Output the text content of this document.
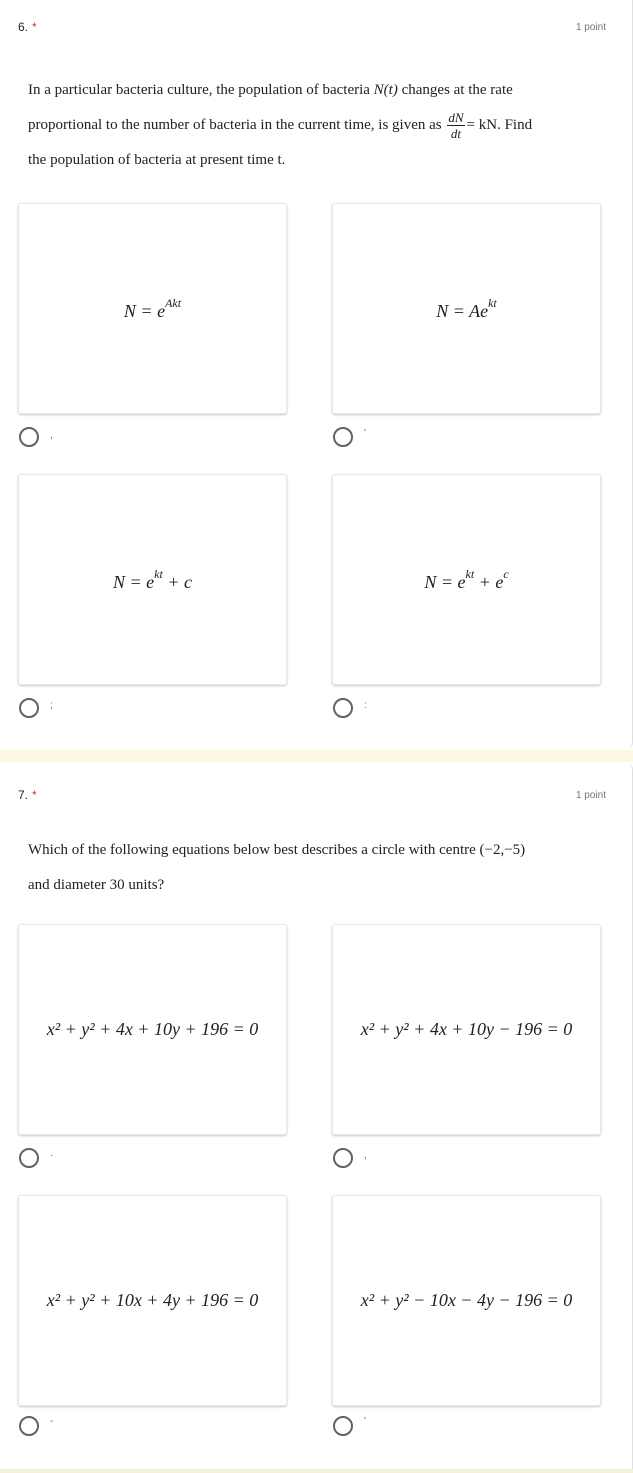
6. *	1 point
In a particular bacteria culture, the population of bacteria N(t) changes at the rate
proportional to the number of bacteria in the current time, is given as $\frac{dN}{dt}$ = kN. Find
the population of bacteria at present time t.
$N = e^{Akt}$
,
$N = Ae^{kt}$
'
$N = e^{kt} + c$
;
$N = e^{kt} + e^c$
:
7. *	1 point
Which of the following equations below best describes a circle with centre (−2,−5)
and diameter 30 units?
x² + y² + 4x + 10y + 196 = 0
·
x² + y² + 4x + 10y − 196 = 0
,
x² + y² + 10x + 4y + 196 = 0
-
x² + y² − 10x − 4y − 196 = 0
'
